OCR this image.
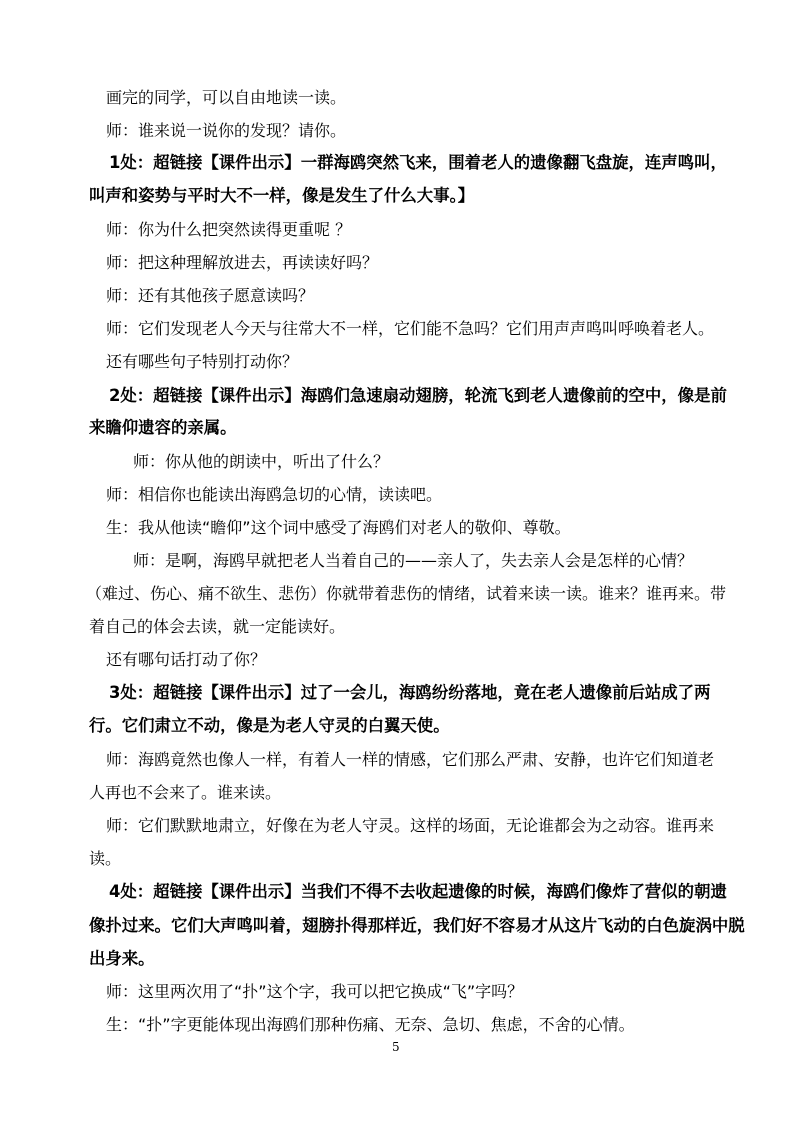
画完的同学，可以自由地读一读。
师：谁来说一说你的发现？请你。
1处：超链接【课件出示】一群海鸥突然飞来，围着老人的遗像翻飞盘旋，连声鸣叫，
叫声和姿势与平时大不一样，像是发生了什么大事。】
师：你为什么把突然读得更重呢 ？
师：把这种理解放进去，再读读好吗？
师：还有其他孩子愿意读吗？
师：它们发现老人今天与往常大不一样，它们能不急吗？它们用声声鸣叫呼唤着老人。
还有哪些句子特别打动你？
2处：超链接【课件出示】海鸥们急速扇动翅膀，轮流飞到老人遗像前的空中，像是前
来瞻仰遗容的亲属。
师：你从他的朗读中，听出了什么？
师：相信你也能读出海鸥急切的心情，读读吧。
生：我从他读“瞻仰”这个词中感受了海鸥们对老人的敬仰、尊敬。
师：是啊，海鸥早就把老人当着自己的——亲人了，失去亲人会是怎样的心情？
（难过、伤心、痛不欲生、悲伤）你就带着悲伤的情绪，试着来读一读。谁来？谁再来。带
着自己的体会去读，就一定能读好。
还有哪句话打动了你？
3处：超链接【课件出示】过了一会儿，海鸥纷纷落地，竟在老人遗像前后站成了两
行。它们肃立不动，像是为老人守灵的白翼天使。
师：海鸥竟然也像人一样，有着人一样的情感，它们那么严肃、安静，也许它们知道老
人再也不会来了。谁来读。
师：它们默默地肃立，好像在为老人守灵。这样的场面，无论谁都会为之动容。谁再来
读。
4处：超链接【课件出示】当我们不得不去收起遗像的时候，海鸥们像炸了营似的朝遗
像扑过来。它们大声鸣叫着，翅膀扑得那样近，我们好不容易才从这片飞动的白色旋涡中脱
出身来。
师：这里两次用了“扑”这个字，我可以把它换成“飞”字吗？
生：“扑”字更能体现出海鸥们那种伤痛、无奈、急切、焦虑，不舍的心情。
5
